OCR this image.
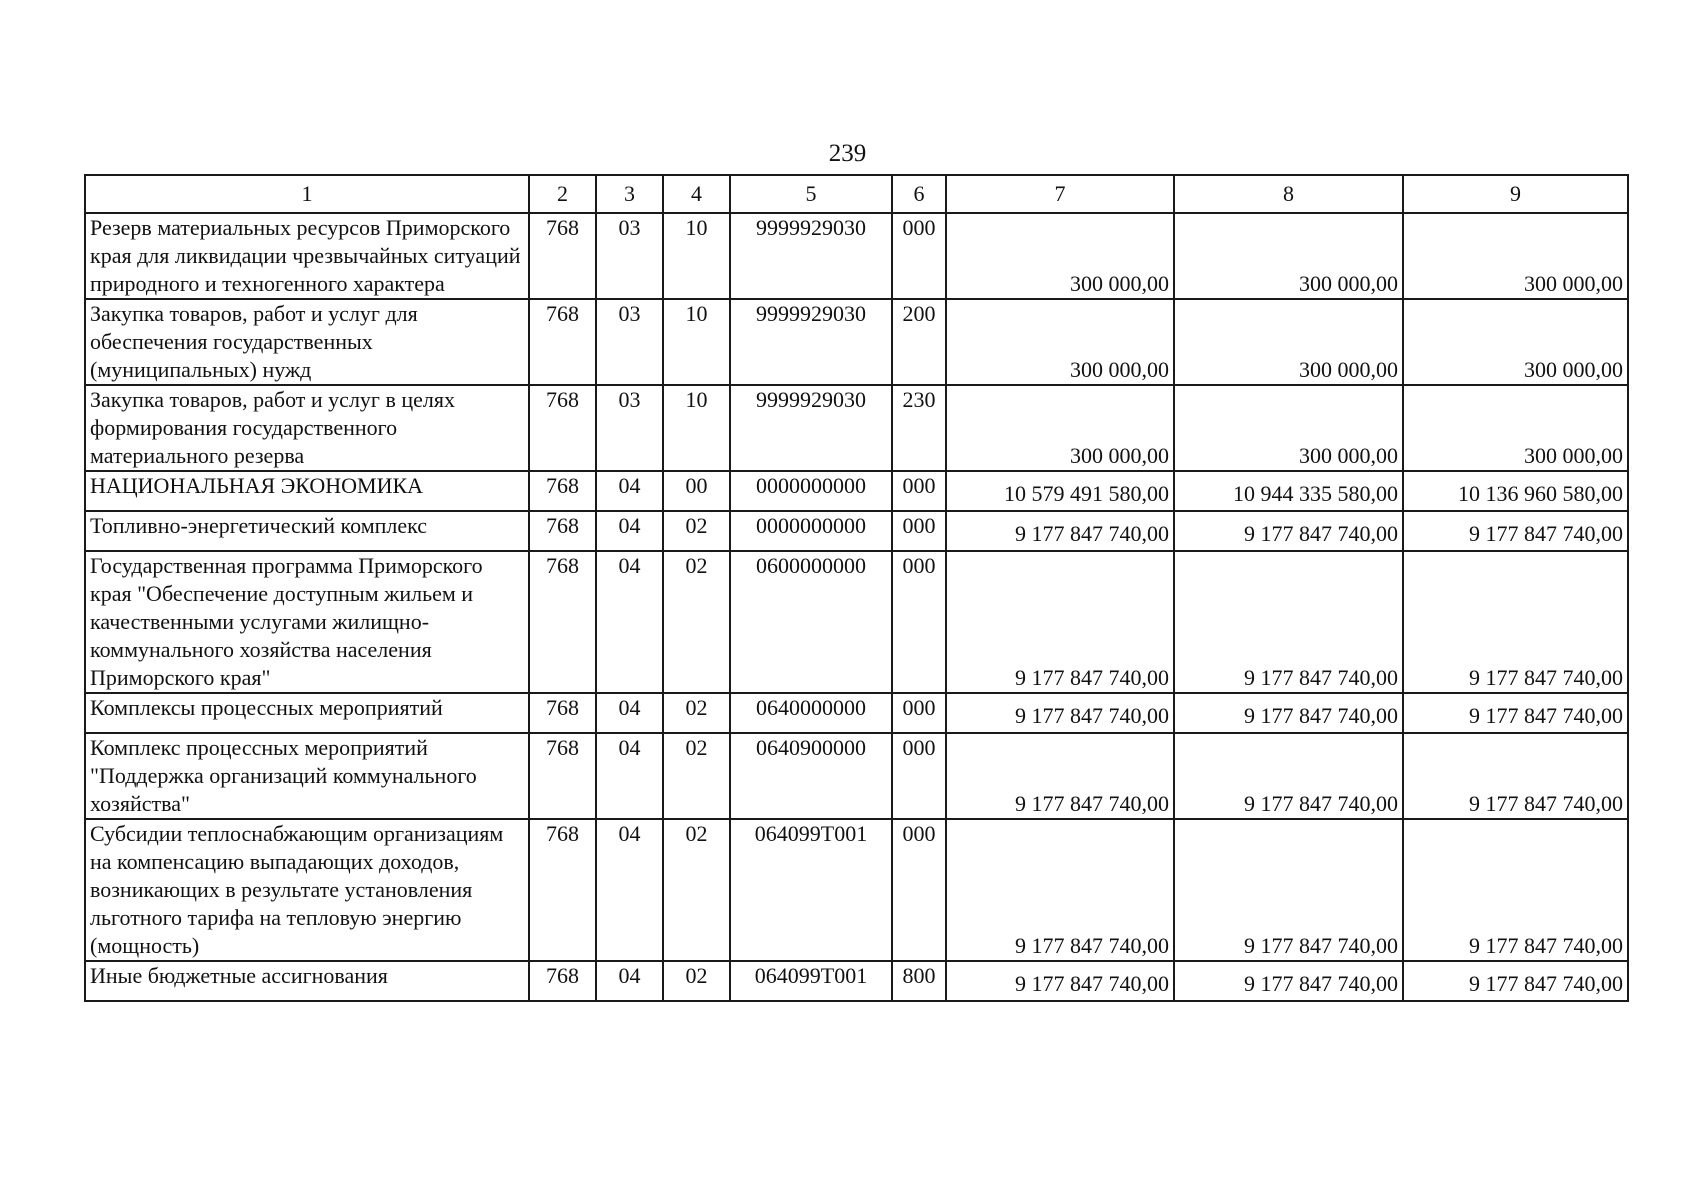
239
1	2	3	4	5	6	7	8	9
Резерв материальных ресурсов Приморского края для ликвидации чрезвычайных ситуаций природного и техногенного характера	768	03	10	9999929030	000	300 000,00	300 000,00	300 000,00
Закупка товаров, работ и услуг для обеспечения государственных (муниципальных) нужд	768	03	10	9999929030	200	300 000,00	300 000,00	300 000,00
Закупка товаров, работ и услуг в целях формирования государственного материального резерва	768	03	10	9999929030	230	300 000,00	300 000,00	300 000,00
НАЦИОНАЛЬНАЯ ЭКОНОМИКА	768	04	00	0000000000	000	10 579 491 580,00	10 944 335 580,00	10 136 960 580,00
Топливно-энергетический комплекс	768	04	02	0000000000	000	9 177 847 740,00	9 177 847 740,00	9 177 847 740,00
Государственная программа Приморского края "Обеспечение доступным жильем и качественными услугами жилищно-коммунального хозяйства населения Приморского края"	768	04	02	0600000000	000	9 177 847 740,00	9 177 847 740,00	9 177 847 740,00
Комплексы процессных мероприятий	768	04	02	0640000000	000	9 177 847 740,00	9 177 847 740,00	9 177 847 740,00
Комплекс процессных мероприятий "Поддержка организаций коммунального хозяйства"	768	04	02	0640900000	000	9 177 847 740,00	9 177 847 740,00	9 177 847 740,00
Субсидии теплоснабжающим организациям на компенсацию выпадающих доходов, возникающих в результате установления льготного тарифа на тепловую энергию (мощность)	768	04	02	064099Т001	000	9 177 847 740,00	9 177 847 740,00	9 177 847 740,00
Иные бюджетные ассигнования	768	04	02	064099Т001	800	9 177 847 740,00	9 177 847 740,00	9 177 847 740,00
